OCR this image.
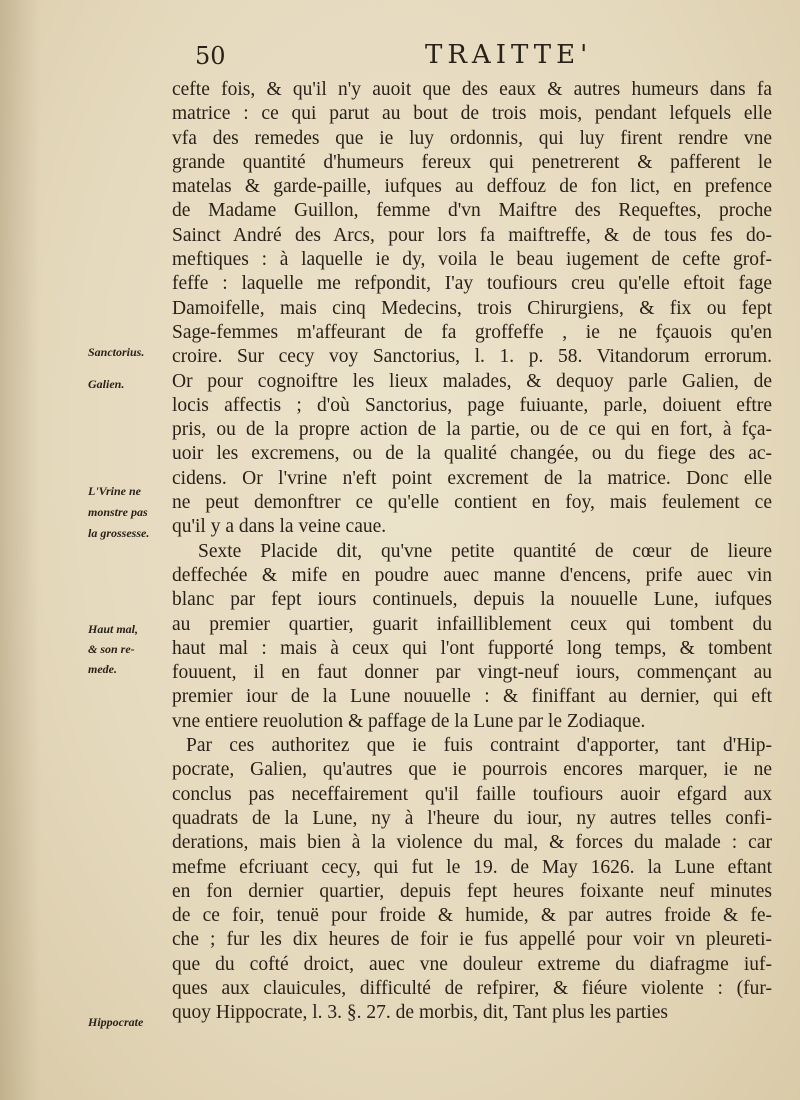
50	TRAITTE'
Sanctorius.
Galien.
L'Vrine ne
monstre pas
la grossesse.
Haut mal,
& son re-
mede.
Hippocrate
cefte fois, & qu'il n'y auoit que des eaux & autres humeurs dans fa
matrice : ce qui parut au bout de trois mois, pendant lefquels elle
vfa des remedes que ie luy ordonnis, qui luy firent rendre vne
grande quantité d'humeurs fereux qui penetrerent & pafferent le
matelas & garde-paille, iufques au deffouz de fon lict, en prefence
de Madame Guillon, femme d'vn Maiftre des Requeftes, proche
Sainct André des Arcs, pour lors fa maiftreffe, & de tous fes do-
meftiques : à laquelle ie dy, voila le beau iugement de cefte grof-
feffe : laquelle me refpondit, I'ay toufiours creu qu'elle eftoit fage
Damoifelle, mais cinq Medecins, trois Chirurgiens, & fix ou fept
Sage-femmes m'affeurant de fa groffeffe , ie ne fçauois qu'en
croire. Sur cecy voy Sanctorius, l. 1. p. 58. Vitandorum errorum.
Or pour cognoiftre les lieux malades, & dequoy parle Galien, de
locis affectis ; d'où Sanctorius, page fuiuante, parle, doiuent eftre
pris, ou de la propre action de la partie, ou de ce qui en fort, à fça-
uoir les excremens, ou de la qualité changée, ou du fiege des ac-
cidens. Or l'vrine n'eft point excrement de la matrice. Donc elle
ne peut demonftrer ce qu'elle contient en foy, mais feulement ce
qu'il y a dans la veine caue.
Sexte Placide dit, qu'vne petite quantité de cœur de lieure
deffechée & mife en poudre auec manne d'encens, prife auec vin
blanc par fept iours continuels, depuis la nouuelle Lune, iufques
au premier quartier, guarit infailliblement ceux qui tombent du
haut mal : mais à ceux qui l'ont fupporté long temps, & tombent
fouuent, il en faut donner par vingt-neuf iours, commençant au
premier iour de la Lune nouuelle : & finiffant au dernier, qui eft
vne entiere reuolution & paffage de la Lune par le Zodiaque.
Par ces authoritez que ie fuis contraint d'apporter, tant d'Hip-
pocrate, Galien, qu'autres que ie pourrois encores marquer, ie ne
conclus pas neceffairement qu'il faille toufiours auoir efgard aux
quadrats de la Lune, ny à l'heure du iour, ny autres telles confi-
derations, mais bien à la violence du mal, & forces du malade : car
mefme efcriuant cecy, qui fut le 19. de May 1626. la Lune eftant
en fon dernier quartier, depuis fept heures foixante neuf minutes
de ce foir, tenuë pour froide & humide, & par autres froide & fe-
che ; fur les dix heures de foir ie fus appellé pour voir vn pleureti-
que du cofté droict, auec vne douleur extreme du diafragme iuf-
ques aux clauicules, difficulté de refpirer, & fiéure violente : (fur-
quoy Hippocrate, l. 3. §. 27. de morbis, dit, Tant plus les parties
